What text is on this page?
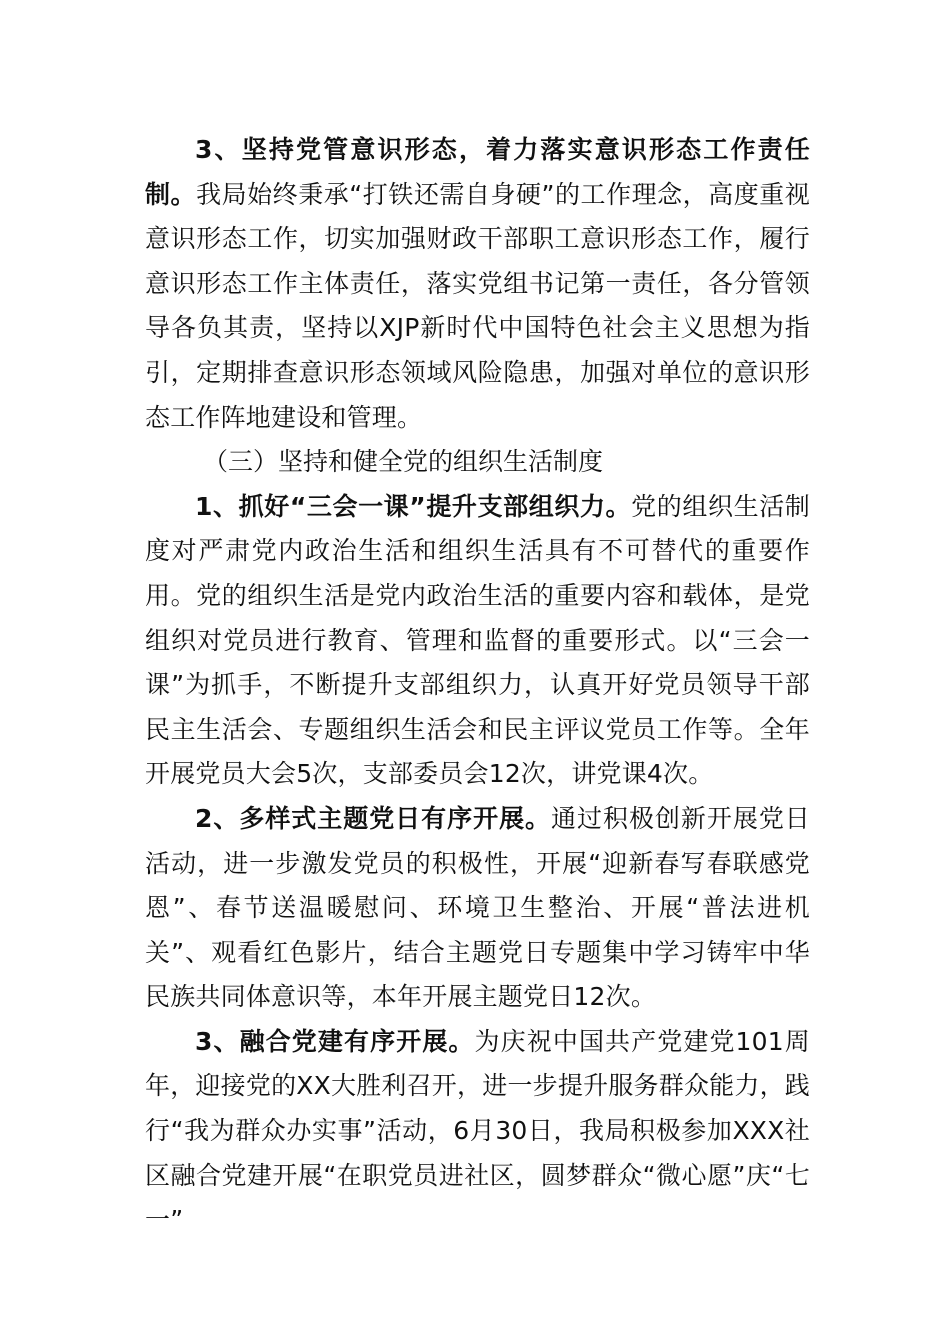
3、坚持党管意识形态，着力落实意识形态工作责任制。我局始终秉承“打铁还需自身硬”的工作理念，高度重视意识形态工作，切实加强财政干部职工意识形态工作，履行意识形态工作主体责任，落实党组书记第一责任，各分管领导各负其责，坚持以XJP新时代中国特色社会主义思想为指引，定期排查意识形态领域风险隐患，加强对单位的意识形态工作阵地建设和管理。

（三）坚持和健全党的组织生活制度

1、抓好“三会一课”提升支部组织力。党的组织生活制度对严肃党内政治生活和组织生活具有不可替代的重要作用。党的组织生活是党内政治生活的重要内容和载体，是党组织对党员进行教育、管理和监督的重要形式。以“三会一课”为抓手，不断提升支部组织力，认真开好党员领导干部民主生活会、专题组织生活会和民主评议党员工作等。全年开展党员大会5次，支部委员会12次，讲党课4次。

2、多样式主题党日有序开展。通过积极创新开展党日活动，进一步激发党员的积极性，开展“迎新春写春联感党恩”、春节送温暖慰问、环境卫生整治、开展“普法进机关”、观看红色影片，结合主题党日专题集中学习铸牢中华民族共同体意识等，本年开展主题党日12次。

3、融合党建有序开展。为庆祝中国共产党建党101周年，迎接党的XX大胜利召开，进一步提升服务群众能力，践行“我为群众办实事”活动，6月30日，我局积极参加XXX社区融合党建开展“在职党员进社区，圆梦群众“微心愿”庆“七一”
